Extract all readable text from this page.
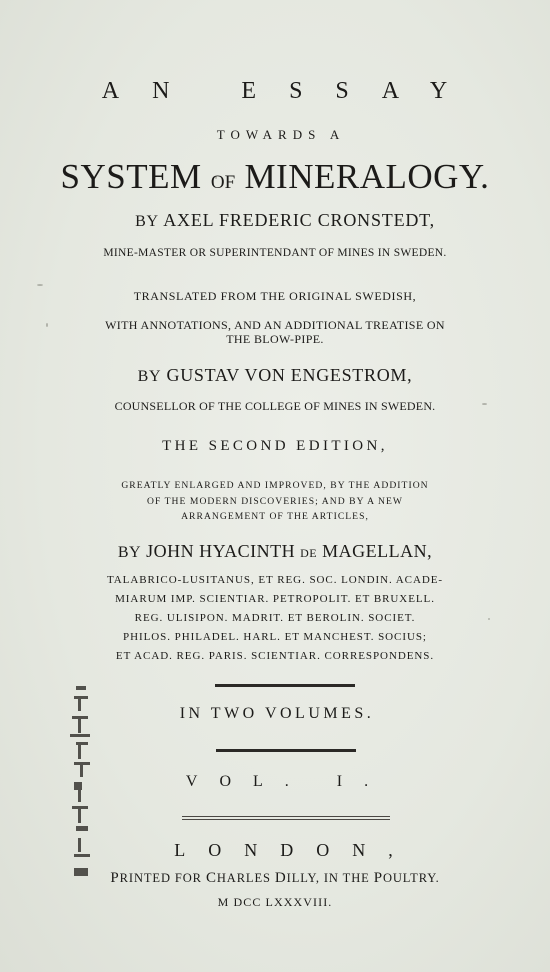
AN ESSAY
TOWARDS A
SYSTEM OF MINERALOGY.
BY AXEL FREDERIC CRONSTEDT,
MINE-MASTER OR SUPERINTENDANT OF MINES IN SWEDEN.
TRANSLATED FROM THE ORIGINAL SWEDISH,
WITH ANNOTATIONS, AND AN ADDITIONAL TREATISE ON
THE BLOW-PIPE.
BY GUSTAV VON ENGESTROM,
COUNSELLOR OF THE COLLEGE OF MINES IN SWEDEN.
THE SECOND EDITION,
GREATLY ENLARGED AND IMPROVED, BY THE ADDITION
OF THE MODERN DISCOVERIES; AND BY A NEW
ARRANGEMENT OF THE ARTICLES,
BY JOHN HYACINTH DE MAGELLAN,
TALABRICO-LUSITANUS, ET REG. SOC. LONDIN. ACADE-
MIARUM IMP. SCIENTIAR. PETROPOLIT. ET BRUXELL.
REG. ULISIPON. MADRIT. ET BEROLIN. SOCIET.
PHILOS. PHILADEL. HARL. ET MANCHEST. SOCIUS;
ET ACAD. REG. PARIS. SCIENTIAR. CORRESPONDENS.
IN TWO VOLUMES.
VOL. I.
LONDON,
PRINTED FOR CHARLES DILLY, IN THE POULTRY.
M DCC LXXXVIII.
